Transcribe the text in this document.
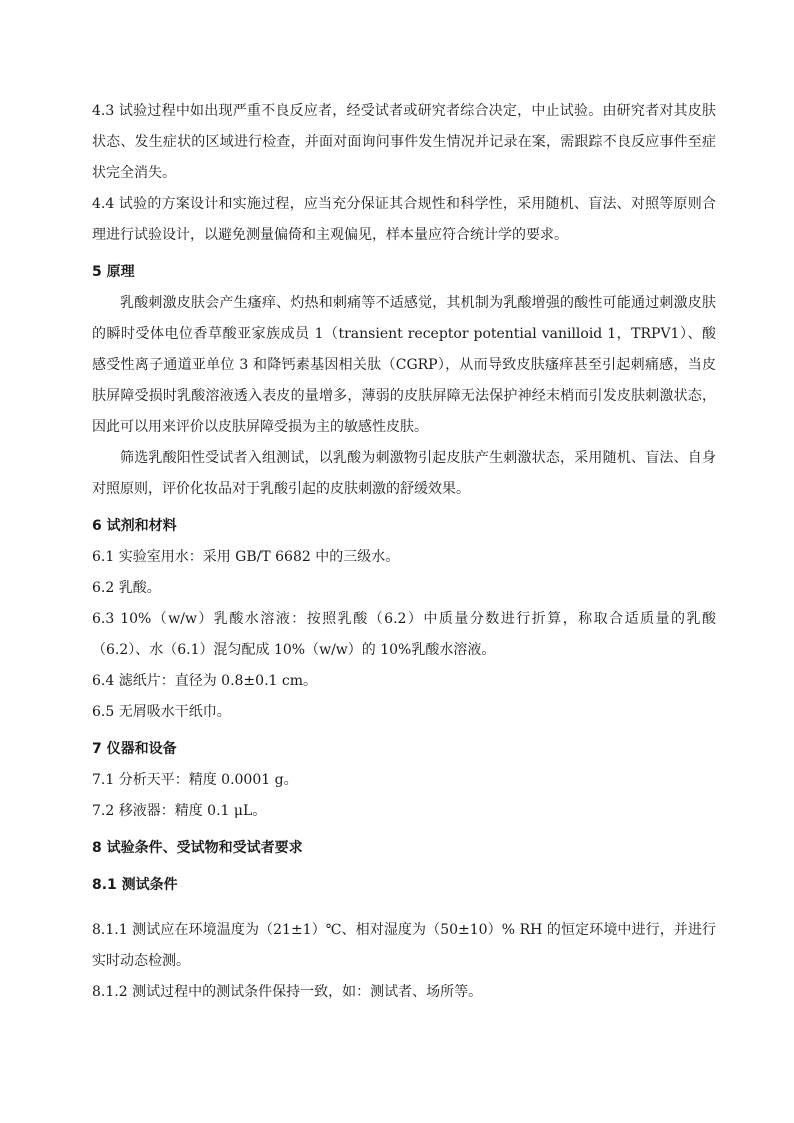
4.3 试验过程中如出现严重不良反应者，经受试者或研究者综合决定，中止试验。由研究者对其皮肤状态、发生症状的区域进行检查，并面对面询问事件发生情况并记录在案，需跟踪不良反应事件至症状完全消失。

4.4 试验的方案设计和实施过程，应当充分保证其合规性和科学性，采用随机、盲法、对照等原则合理进行试验设计，以避免测量偏倚和主观偏见，样本量应符合统计学的要求。

5 原理

乳酸刺激皮肤会产生瘙痒、灼热和刺痛等不适感觉，其机制为乳酸增强的酸性可能通过刺激皮肤的瞬时受体电位香草酸亚家族成员 1（transient receptor potential vanilloid 1，TRPV1）、酸感受性离子通道亚单位 3 和降钙素基因相关肽（CGRP），从而导致皮肤瘙痒甚至引起刺痛感，当皮肤屏障受损时乳酸溶液透入表皮的量增多，薄弱的皮肤屏障无法保护神经末梢而引发皮肤刺激状态，因此可以用来评价以皮肤屏障受损为主的敏感性皮肤。

筛选乳酸阳性受试者入组测试，以乳酸为刺激物引起皮肤产生刺激状态，采用随机、盲法、自身对照原则，评价化妆品对于乳酸引起的皮肤刺激的舒缓效果。

6 试剂和材料

6.1 实验室用水：采用 GB/T 6682 中的三级水。

6.2 乳酸。

6.3 10%（w/w）乳酸水溶液：按照乳酸（6.2）中质量分数进行折算，称取合适质量的乳酸（6.2）、水（6.1）混匀配成 10%（w/w）的 10%乳酸水溶液。

6.4 滤纸片：直径为 0.8±0.1 cm。

6.5 无屑吸水干纸巾。

7 仪器和设备

7.1 分析天平：精度 0.0001 g。

7.2 移液器：精度 0.1 μL。

8 试验条件、受试物和受试者要求

8.1 测试条件

8.1.1 测试应在环境温度为（21±1）℃、相对湿度为（50±10）% RH 的恒定环境中进行，并进行实时动态检测。

8.1.2 测试过程中的测试条件保持一致，如：测试者、场所等。
